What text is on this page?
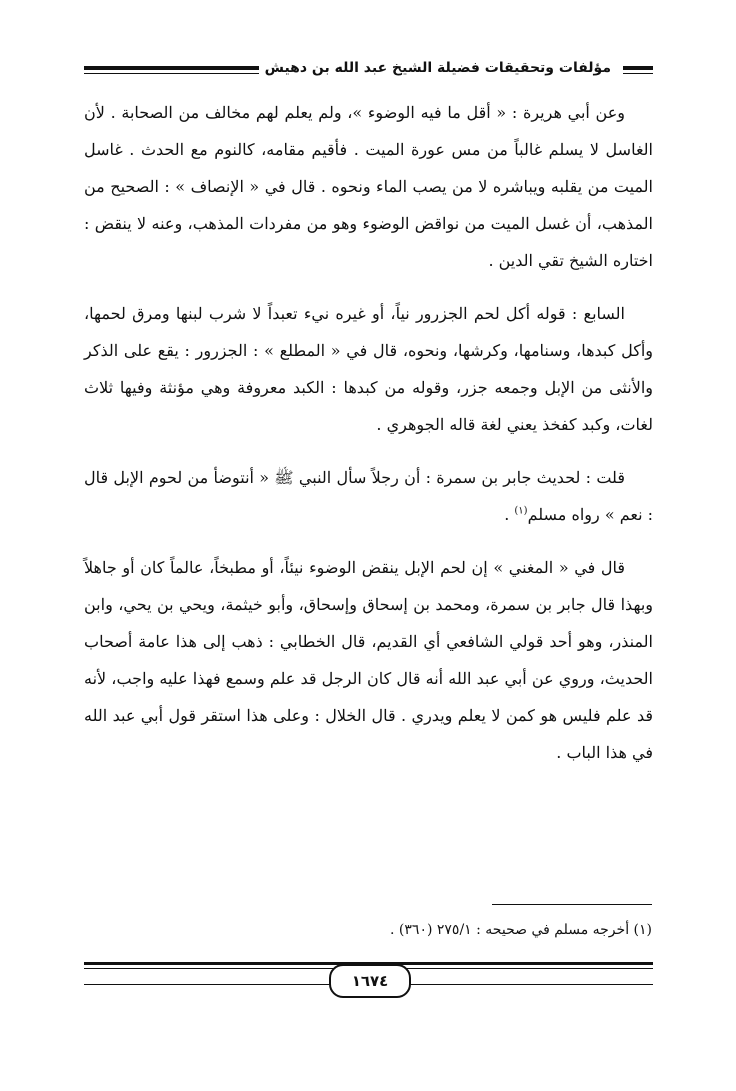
مؤلفات وتحقيقات فضيلة الشيخ عبد الله بن دهيش

وعن أبي هريرة : « أقل ما فيه الوضوء »، ولم يعلم لهم مخالف من الصحابة . لأن الغاسل لا يسلم غالباً من مس عورة الميت . فأقيم مقامه، كالنوم مع الحدث . غاسل الميت من يقلبه ويباشره لا من يصب الماء ونحوه . قال في « الإنصاف » : الصحيح من المذهب، أن غسل الميت من نواقض الوضوء وهو من مفردات المذهب، وعنه لا ينقض : اختاره الشيخ تقي الدين .

السابع : قوله أكل لحم الجزرور نياً، أو غيره نيء تعبداً لا شرب لبنها ومرق لحمها، وأكل كبدها، وسنامها، وكرشها، ونحوه، قال في « المطلع » : الجزرور : يقع على الذكر والأنثى من الإبل وجمعه جزر، وقوله من كبدها : الكبد معروفة وهي مؤنثة وفيها ثلاث لغات، وكبد كفخذ يعني لغة قاله الجوهري .

قلت : لحديث جابر بن سمرة : أن رجلاً سأل النبي ﷺ « أنتوضأ من لحوم الإبل قال : نعم » رواه مسلم$^{(١)}$ .

قال في « المغني » إن لحم الإبل ينقض الوضوء نيئاً، أو مطبخاً، عالماً كان أو جاهلاً وبهذا قال جابر بن سمرة، ومحمد بن إسحاق وإسحاق، وأبو خيثمة، ويحي بن يحي، وابن المنذر، وهو أحد قولي الشافعي أي القديم، قال الخطابي : ذهب إلى هذا عامة أصحاب الحديث، وروي عن أبي عبد الله أنه قال كان الرجل قد علم وسمع فهذا عليه واجب، لأنه قد علم فليس هو كمن لا يعلم ويدري . قال الخلال : وعلى هذا استقر قول أبي عبد الله في هذا الباب .

(١) أخرجه مسلم في صحيحه : ٢٧٥/١ (٣٦٠) .
١٦٧٤
